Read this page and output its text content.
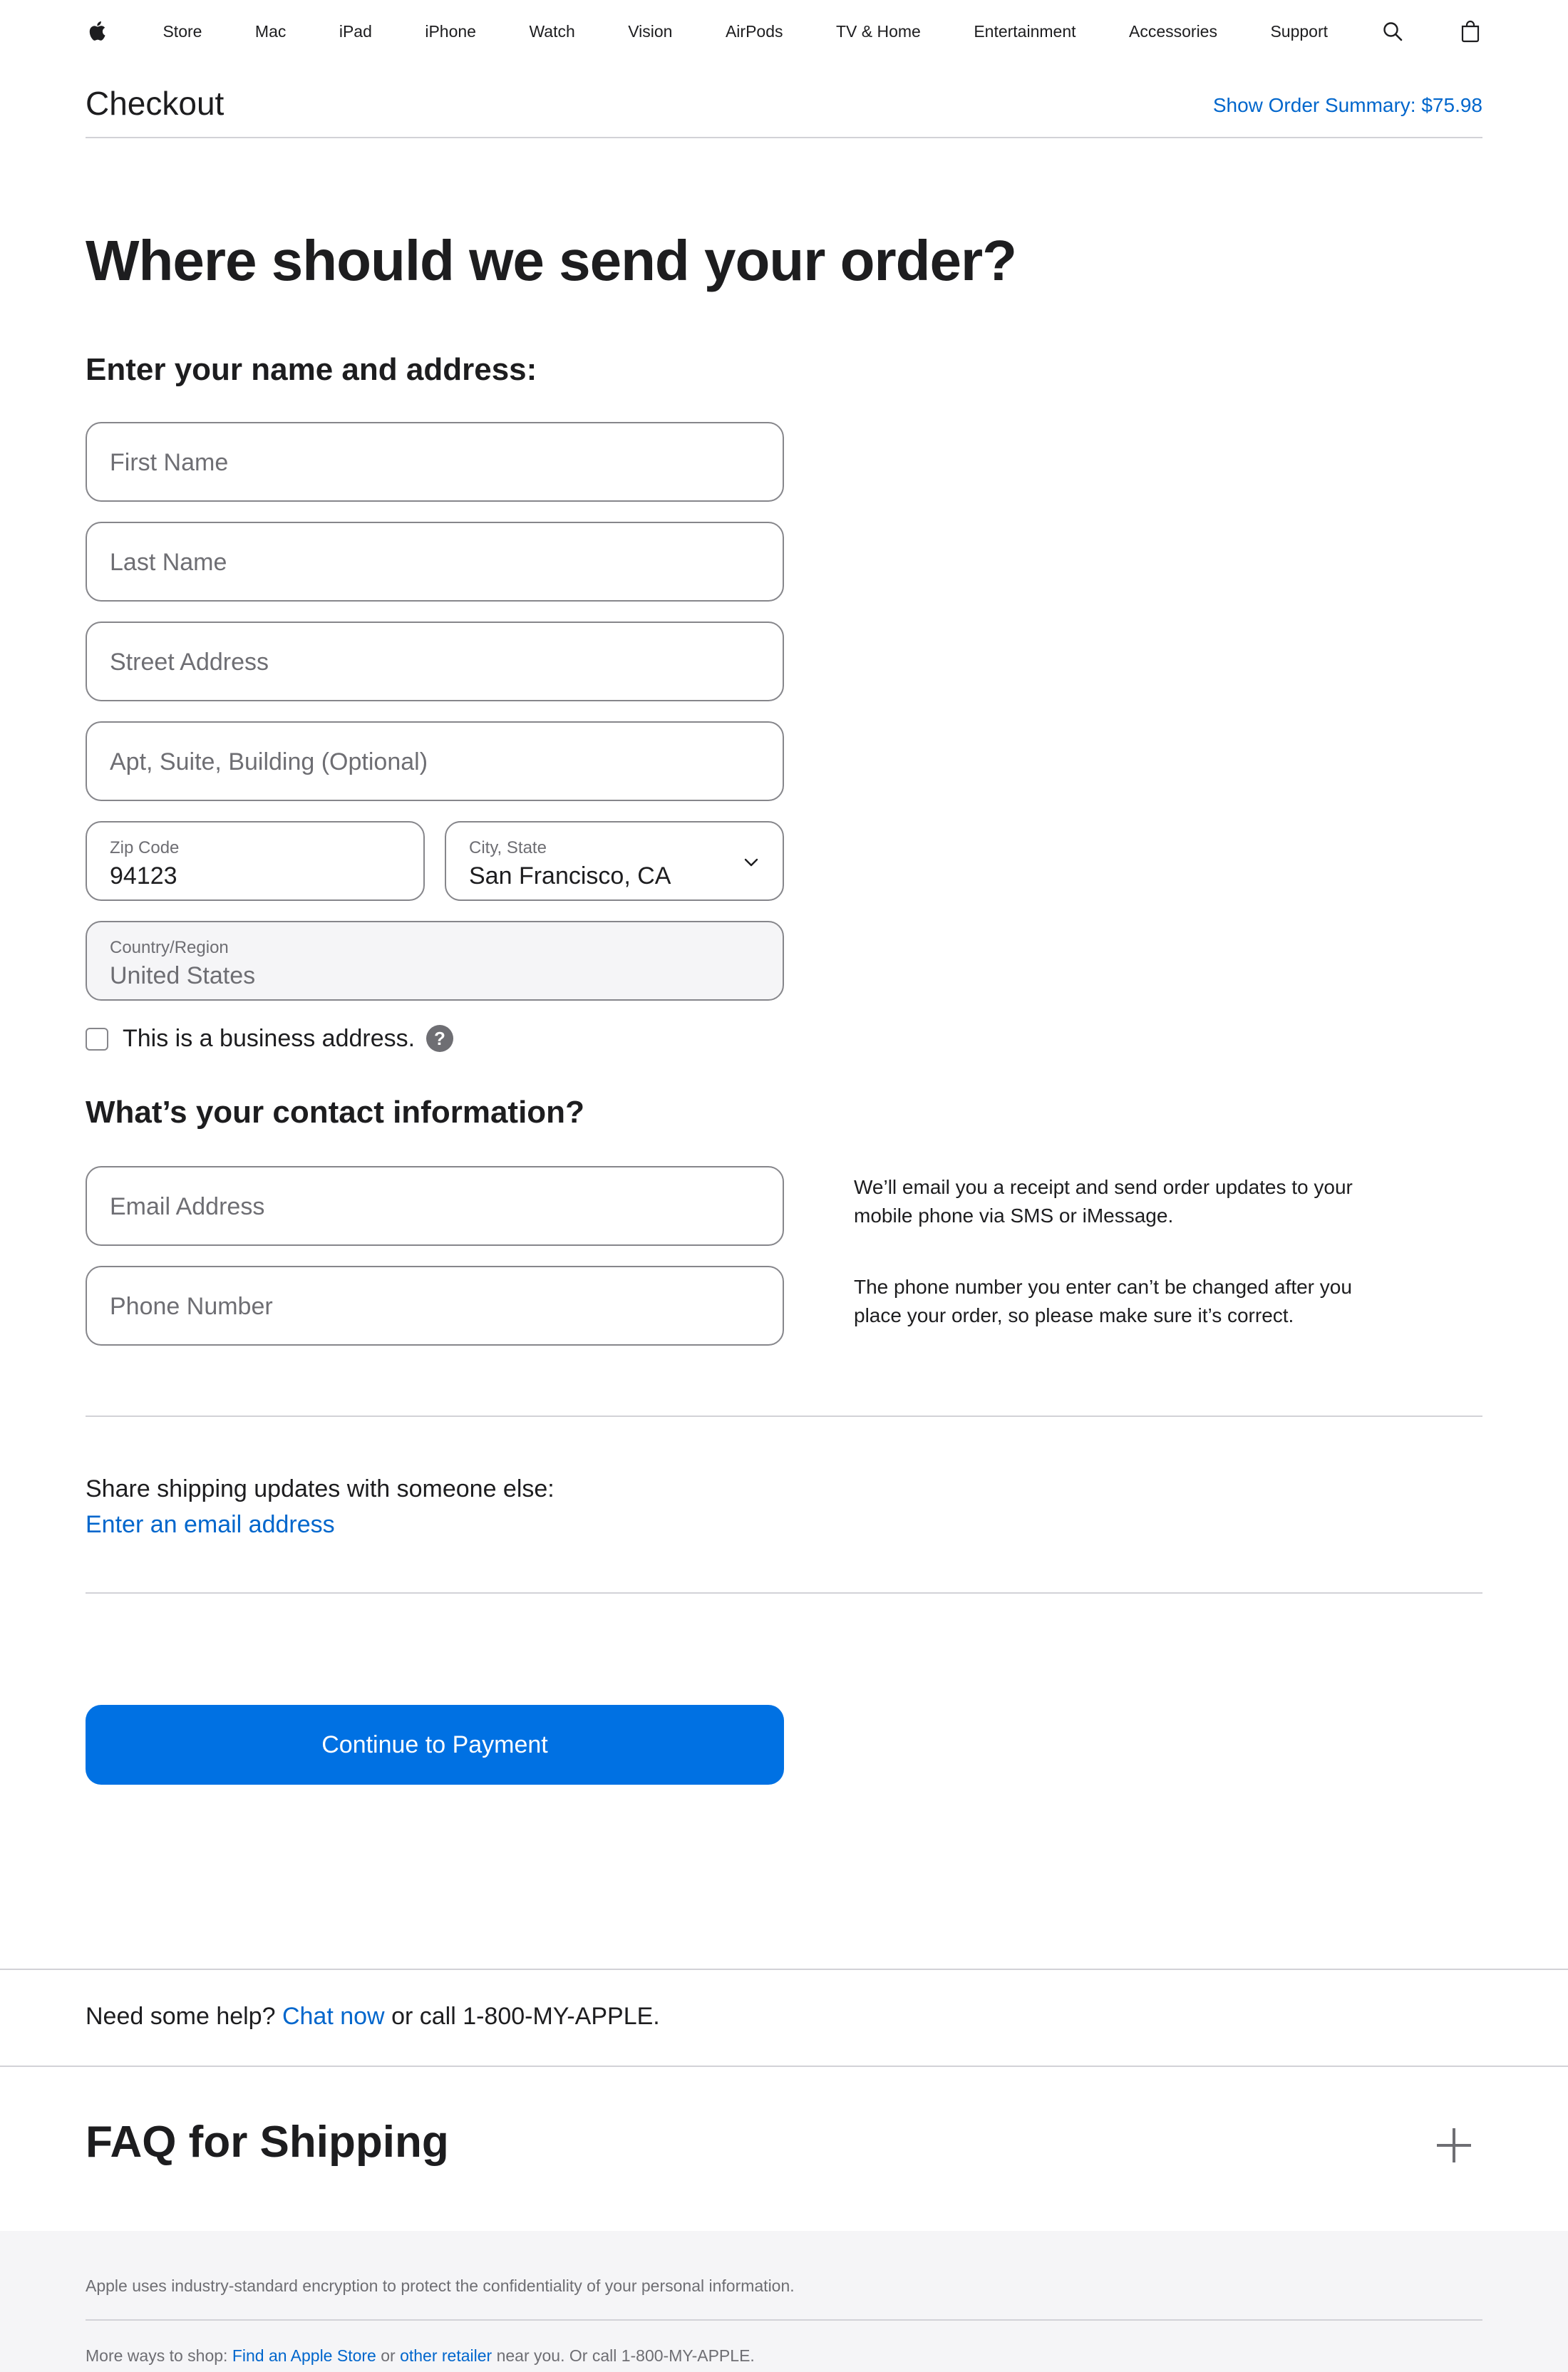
Store	Mac	iPad	iPhone	Watch	Vision	AirPods	TV & Home	Entertainment	Accessories	Support
Checkout	Show Order Summary: $75.98
Where should we send your order?
Enter your name and address:
First Name
Last Name
Street Address
Apt, Suite, Building (Optional)
Zip Code
94123
City, State
San Francisco, CA
Country/Region
United States
This is a business address.	?
What’s your contact information?
Email Address
Phone Number

We’ll email you a receipt and send order updates to your mobile phone via SMS or iMessage.

The phone number you enter can’t be changed after you place your order, so please make sure it’s correct.

Share shipping updates with someone else:
Enter an email address
Continue to Payment

Need some help? Chat now or call 1-800-MY-APPLE.

FAQ for Shipping

Apple uses industry-standard encryption to protect the confidentiality of your personal information.

More ways to shop: Find an Apple Store or other retailer near you. Or call 1-800-MY-APPLE.
